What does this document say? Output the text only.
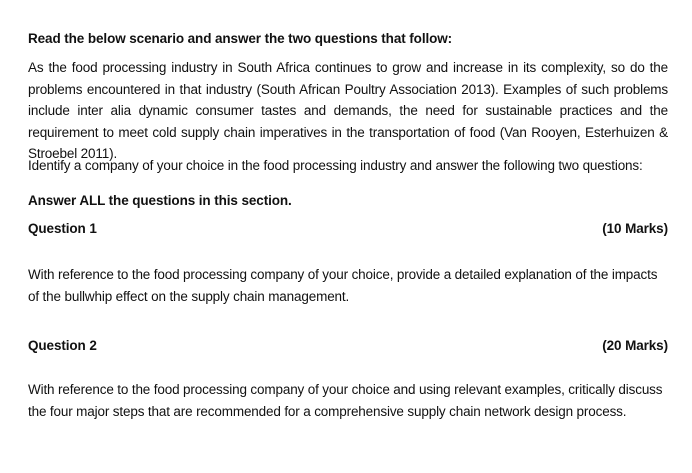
Read the below scenario and answer the two questions that follow:
As the food processing industry in South Africa continues to grow and increase in its complexity, so do the problems encountered in that industry (South African Poultry Association 2013). Examples of such problems include inter alia dynamic consumer tastes and demands, the need for sustainable practices and the requirement to meet cold supply chain imperatives in the transportation of food (Van Rooyen, Esterhuizen & Stroebel 2011).
Identify a company of your choice in the food processing industry and answer the following two questions:
Answer ALL the questions in this section.
Question 1	(10 Marks)
With reference to the food processing company of your choice, provide a detailed explanation of the impacts of the bullwhip effect on the supply chain management.
Question 2	(20 Marks)
With reference to the food processing company of your choice and using relevant examples, critically discuss the four major steps that are recommended for a comprehensive supply chain network design process.
